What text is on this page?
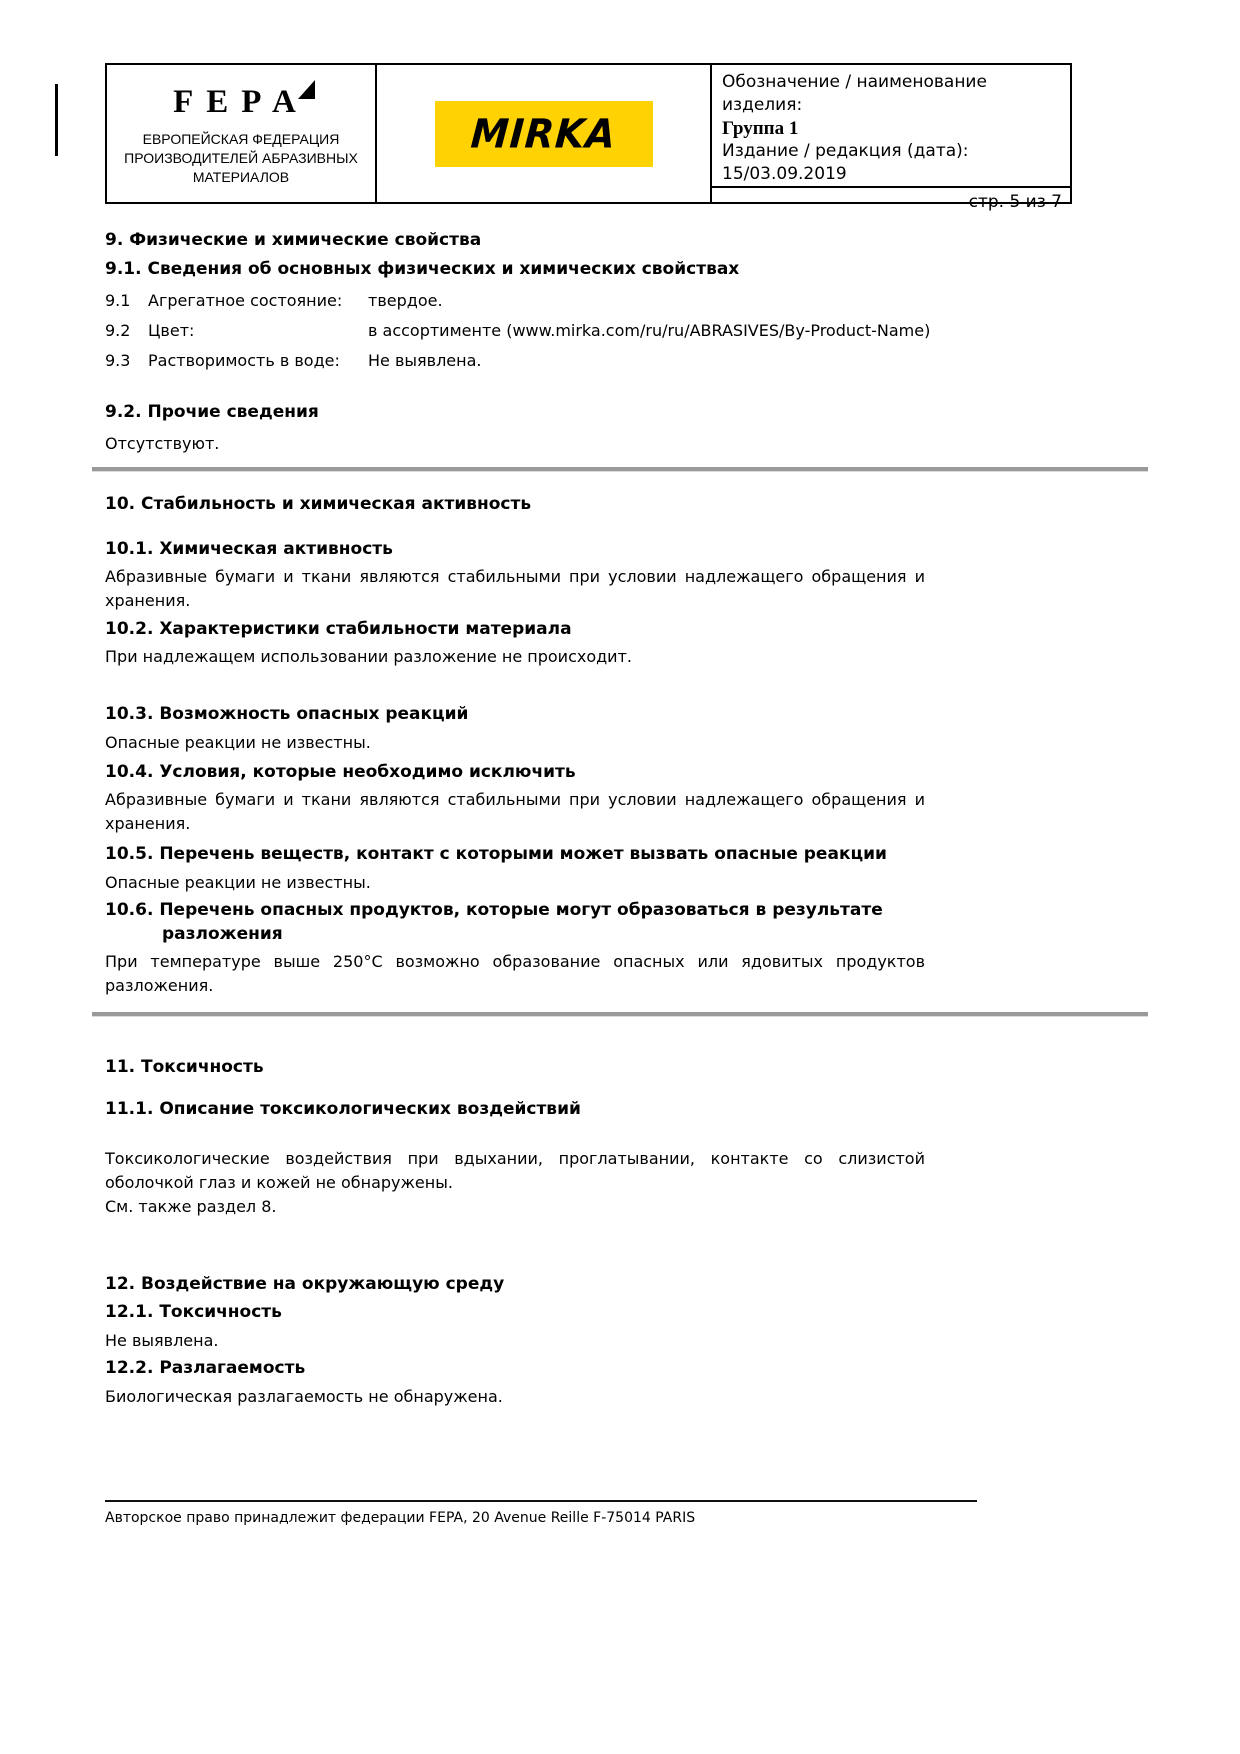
FEPA
ЕВРОПЕЙСКАЯ ФЕДЕРАЦИЯ
ПРОИЗВОДИТЕЛЕЙ АБРАЗИВНЫХ
МАТЕРИАЛОВ
MIRKA
Обозначение / наименование изделия:
Группа 1
Издание / редакция (дата):
15/03.09.2019
стр. 5 из 7
9. Физические и химические свойства
9.1. Сведения об основных физических и химических свойствах
9.1	Агрегатное состояние:	твердое.
9.2	Цвет:	в ассортименте (www.mirka.com/ru/ru/ABRASIVES/By-Product-Name)
9.3	Растворимость в воде:	Не выявлена.
9.2. Прочие сведения

Отсутствуют.

10. Стабильность и химическая активность
10.1. Химическая активность

Абразивные бумаги и ткани являются стабильными при условии надлежащего обращения и хранения.

10.2. Характеристики стабильности материала

При надлежащем использовании разложение не происходит.

10.3. Возможность опасных реакций

Опасные реакции не известны.

10.4. Условия, которые необходимо исключить

Абразивные бумаги и ткани являются стабильными при условии надлежащего обращения и хранения.

10.5. Перечень веществ, контакт с которыми может вызвать опасные реакции

Опасные реакции не известны.

10.6. Перечень опасных продуктов, которые могут образоваться в результате разложения

При температуре выше 250°C возможно образование опасных или ядовитых продуктов разложения.

11. Токсичность
11.1. Описание токсикологических воздействий

Токсикологические воздействия при вдыхании, проглатывании, контакте со слизистой оболочкой глаз и кожей не обнаружены.

См. также раздел 8.

12. Воздействие на окружающую среду
12.1. Токсичность

Не выявлена.

12.2. Разлагаемость

Биологическая разлагаемость не обнаружена.

Авторское право принадлежит федерации FEPA, 20 Avenue Reille F-75014 PARIS
